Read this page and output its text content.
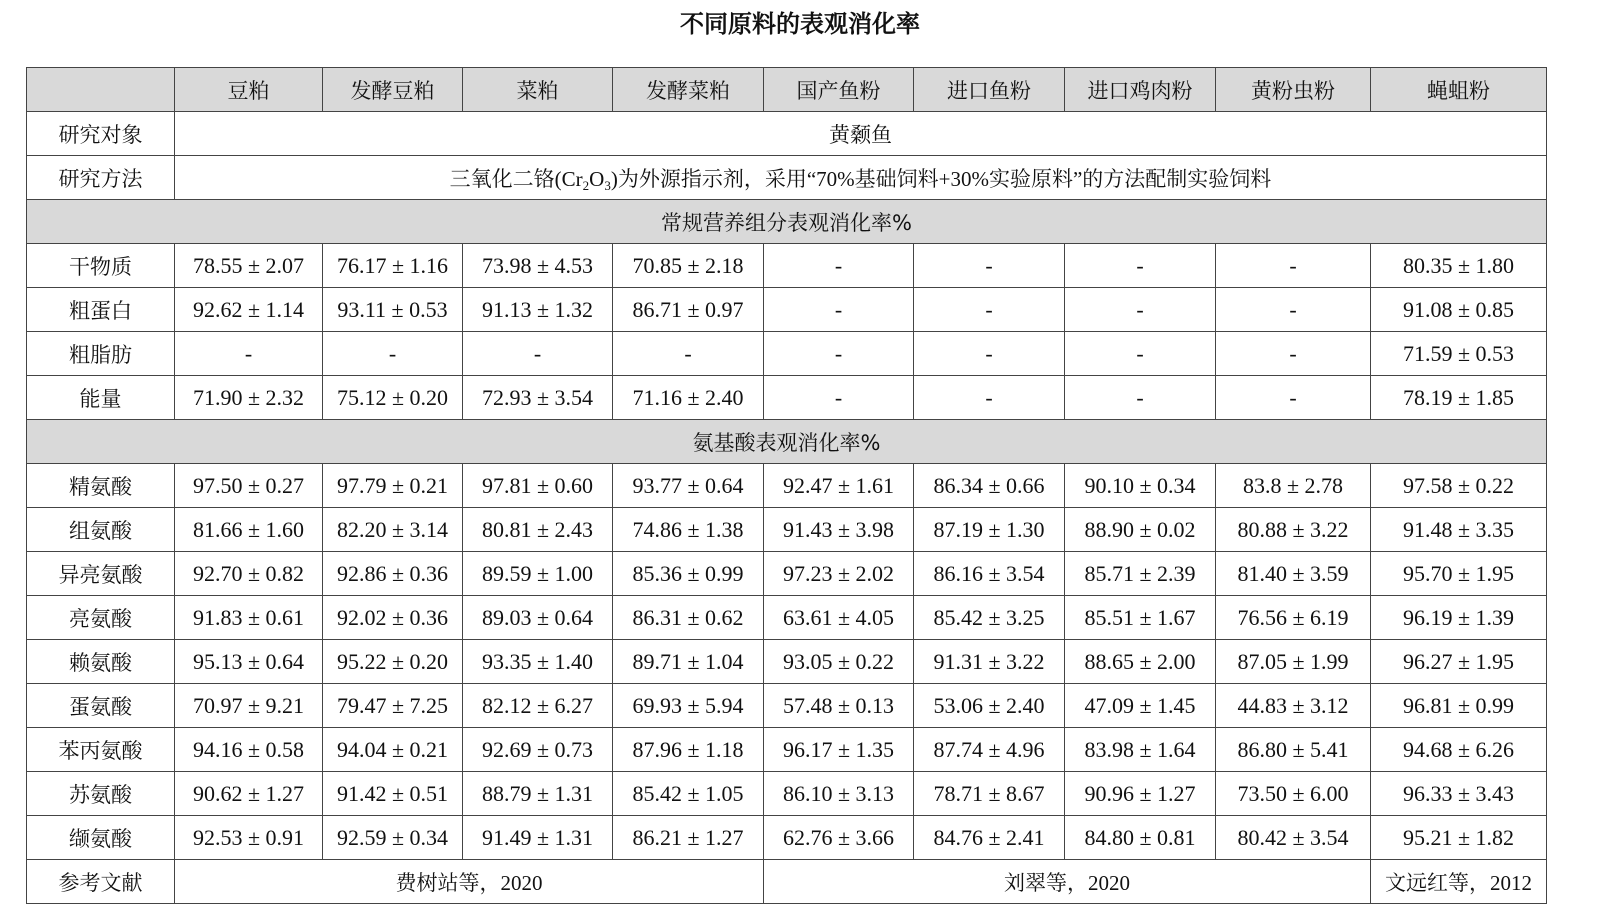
不同原料的表观消化率
	豆粕	发酵豆粕	菜粕	发酵菜粕	国产鱼粉	进口鱼粉	进口鸡肉粉	黄粉虫粉	蝇蛆粉
研究对象	黄颡鱼								
研究方法	三氧化二铬$(Cr_2O_3)$为外源指示剂，采用“70%基础饲料+30%实验原料”的方法配制实验饲料								
常规营养组分表观消化率%									
干物质	78.55 ± 2.07	76.17 ± 1.16	73.98 ± 4.53	70.85 ± 2.18	-	-	-	-	80.35 ± 1.80
粗蛋白	92.62 ± 1.14	93.11 ± 0.53	91.13 ± 1.32	86.71 ± 0.97	-	-	-	-	91.08 ± 0.85
粗脂肪	-	-	-	-	-	-	-	-	71.59 ± 0.53
能量	71.90 ± 2.32	75.12 ± 0.20	72.93 ± 3.54	71.16 ± 2.40	-	-	-	-	78.19 ± 1.85
氨基酸表观消化率%									
精氨酸	97.50 ± 0.27	97.79 ± 0.21	97.81 ± 0.60	93.77 ± 0.64	92.47 ± 1.61	86.34 ± 0.66	90.10 ± 0.34	83.8 ± 2.78	97.58 ± 0.22
组氨酸	81.66 ± 1.60	82.20 ± 3.14	80.81 ± 2.43	74.86 ± 1.38	91.43 ± 3.98	87.19 ± 1.30	88.90 ± 0.02	80.88 ± 3.22	91.48 ± 3.35
异亮氨酸	92.70 ± 0.82	92.86 ± 0.36	89.59 ± 1.00	85.36 ± 0.99	97.23 ± 2.02	86.16 ± 3.54	85.71 ± 2.39	81.40 ± 3.59	95.70 ± 1.95
亮氨酸	91.83 ± 0.61	92.02 ± 0.36	89.03 ± 0.64	86.31 ± 0.62	63.61 ± 4.05	85.42 ± 3.25	85.51 ± 1.67	76.56 ± 6.19	96.19 ± 1.39
赖氨酸	95.13 ± 0.64	95.22 ± 0.20	93.35 ± 1.40	89.71 ± 1.04	93.05 ± 0.22	91.31 ± 3.22	88.65 ± 2.00	87.05 ± 1.99	96.27 ± 1.95
蛋氨酸	70.97 ± 9.21	79.47 ± 7.25	82.12 ± 6.27	69.93 ± 5.94	57.48 ± 0.13	53.06 ± 2.40	47.09 ± 1.45	44.83 ± 3.12	96.81 ± 0.99
苯丙氨酸	94.16 ± 0.58	94.04 ± 0.21	92.69 ± 0.73	87.96 ± 1.18	96.17 ± 1.35	87.74 ± 4.96	83.98 ± 1.64	86.80 ± 5.41	94.68 ± 6.26
苏氨酸	90.62 ± 1.27	91.42 ± 0.51	88.79 ± 1.31	85.42 ± 1.05	86.10 ± 3.13	78.71 ± 8.67	90.96 ± 1.27	73.50 ± 6.00	96.33 ± 3.43
缬氨酸	92.53 ± 0.91	92.59 ± 0.34	91.49 ± 1.31	86.21 ± 1.27	62.76 ± 3.66	84.76 ± 2.41	84.80 ± 0.81	80.42 ± 3.54	95.21 ± 1.82
参考文献	费树站等，2020				刘翠等，2020				文远红等，2012
